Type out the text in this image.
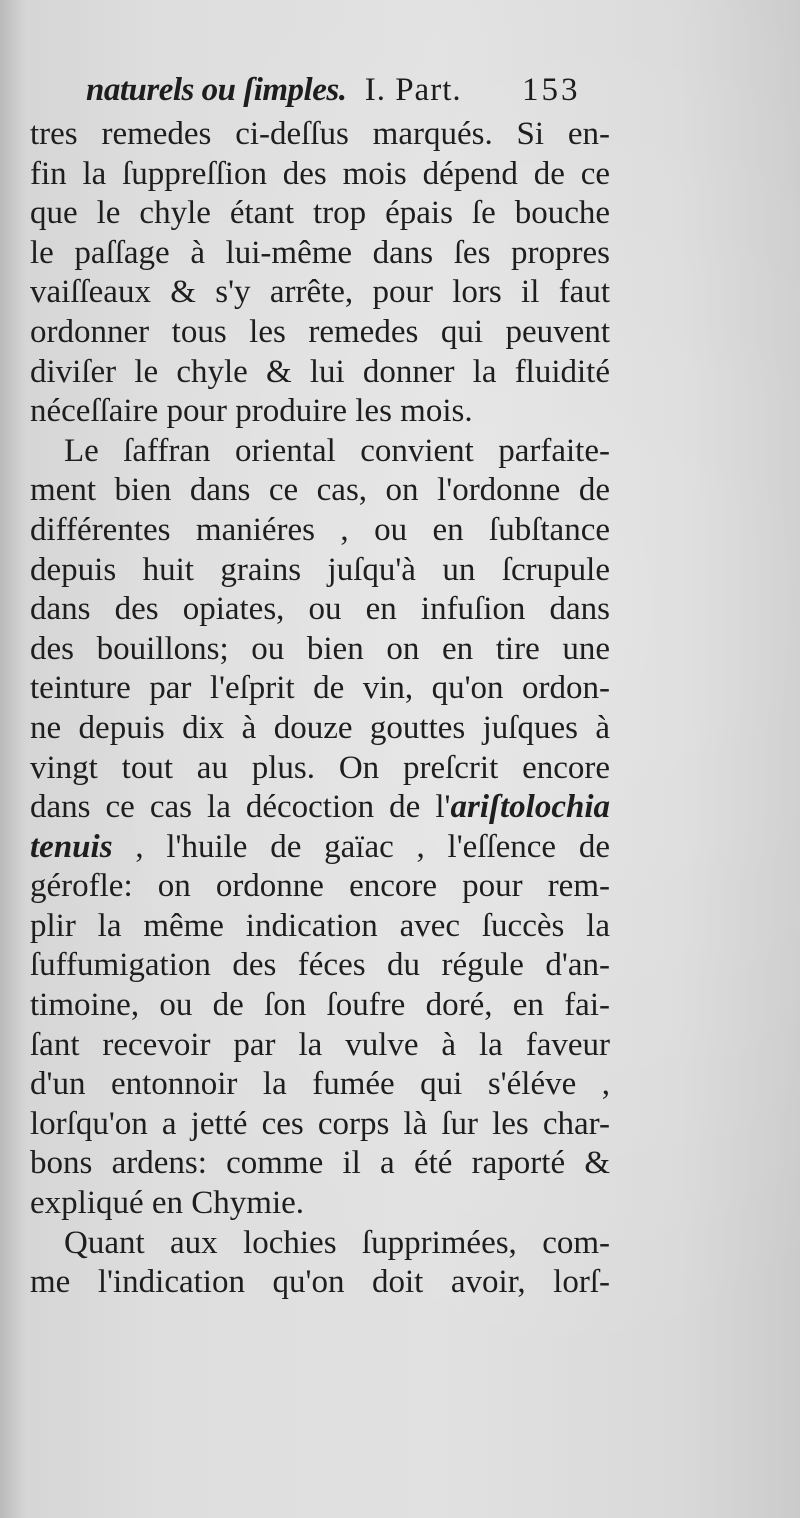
naturels ou ſimples. I. Part. 153
tres remedes ci-deſſus marqués. Si en-
fin la ſuppreſſion des mois dépend de ce
que le chyle étant trop épais ſe bouche
le paſſage à lui-même dans ſes propres
vaiſſeaux & s'y arrête, pour lors il faut
ordonner tous les remedes qui peuvent
diviſer le chyle & lui donner la fluidité
néceſſaire pour produire les mois.
Le ſaffran oriental convient parfaite-
ment bien dans ce cas, on l'ordonne de
différentes maniéres , ou en ſubſtance
depuis huit grains juſqu'à un ſcrupule
dans des opiates, ou en infuſion dans
des bouillons; ou bien on en tire une
teinture par l'eſprit de vin, qu'on ordon-
ne depuis dix à douze gouttes juſques à
vingt tout au plus. On preſcrit encore
dans ce cas la décoction de l'ariſtolochia
tenuis , l'huile de gaïac , l'eſſence de
gérofle: on ordonne encore pour rem-
plir la même indication avec ſuccès la
ſuffumigation des féces du régule d'an-
timoine, ou de ſon ſoufre doré, en fai-
ſant recevoir par la vulve à la faveur
d'un entonnoir la fumée qui s'éléve ,
lorſqu'on a jetté ces corps là ſur les char-
bons ardens: comme il a été raporté &
expliqué en Chymie.
Quant aux lochies ſupprimées, com-
me l'indication qu'on doit avoir, lorſ-
